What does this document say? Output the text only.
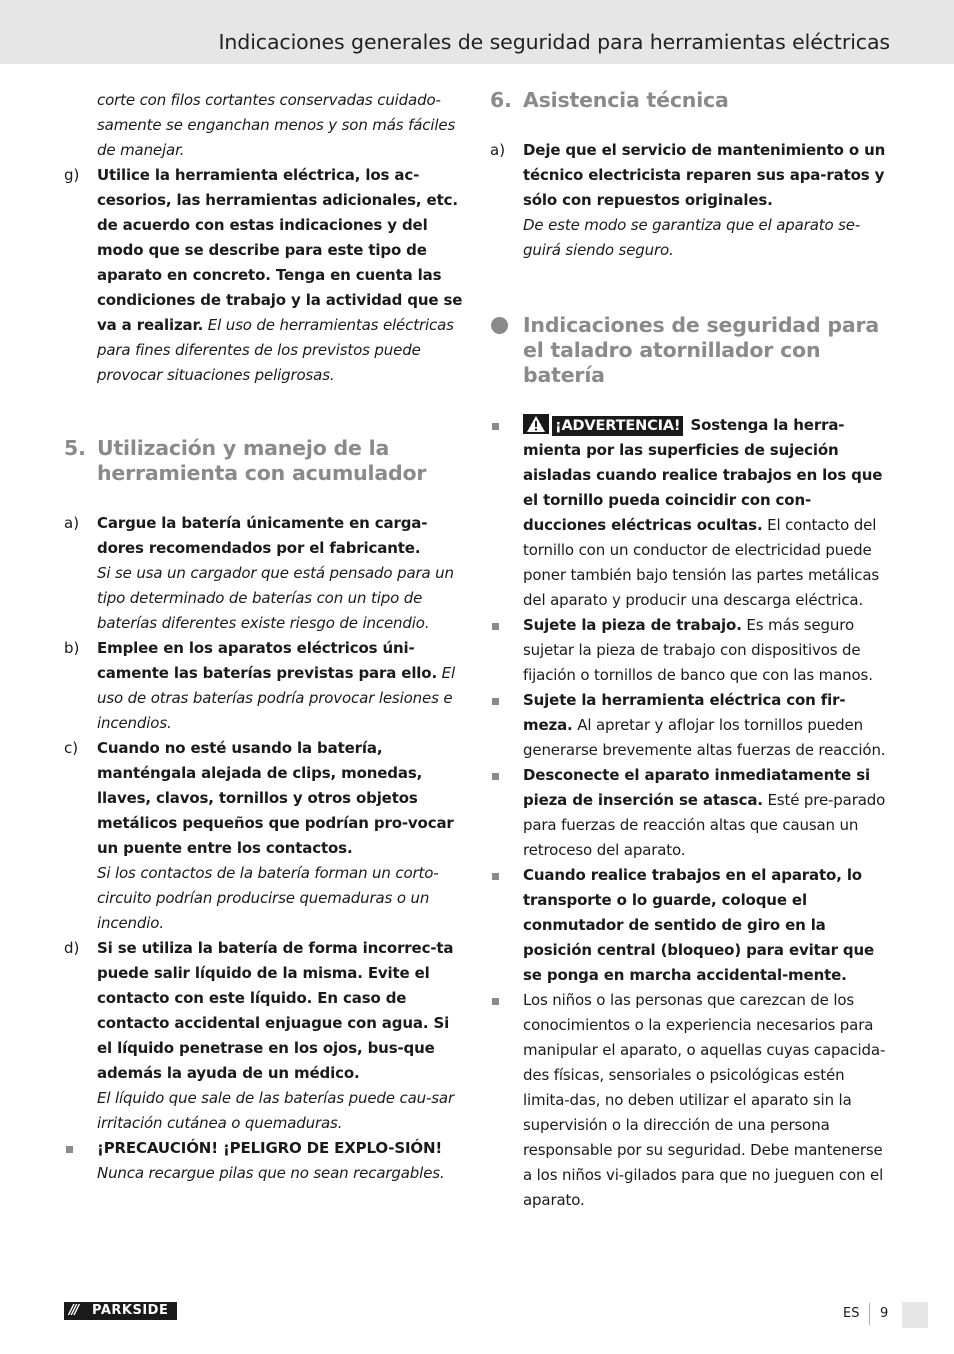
Indicaciones generales de seguridad para herramientas eléctricas

corte con filos cortantes conservadas cuidado-samente se enganchan menos y son más fáciles de manejar.

g) Utilice la herramienta eléctrica, los ac-cesorios, las herramientas adicionales, etc. de acuerdo con estas indicaciones y del modo que se describe para este tipo de aparato en concreto. Tenga en cuenta las condiciones de trabajo y la actividad que se va a realizar. El uso de herramientas eléctricas para fines diferentes de los previstos puede provocar situaciones peligrosas.

5. Utilización y manejo de la herramienta con acumulador
a) Cargue la batería únicamente en carga-dores recomendados por el fabricante.

Si se usa un cargador que está pensado para un tipo determinado de baterías con un tipo de baterías diferentes existe riesgo de incendio.

b) Emplee en los aparatos eléctricos úni-camente las baterías previstas para ello. El uso de otras baterías podría provocar lesiones e incendios.

c) Cuando no esté usando la batería, manténgala alejada de clips, monedas, llaves, clavos, tornillos y otros objetos metálicos pequeños que podrían pro-vocar un puente entre los contactos.

Si los contactos de la batería forman un corto-circuito podrían producirse quemaduras o un incendio.

d) Si se utiliza la batería de forma incorrec-ta puede salir líquido de la misma. Evite el contacto con este líquido. En caso de contacto accidental enjuague con agua. Si el líquido penetrase en los ojos, bus-que además la ayuda de un médico.

El líquido que sale de las baterías puede cau-sar irritación cutánea o quemaduras.

¡PRECAUCIÓN! ¡PELIGRO DE EXPLO-SIÓN! Nunca recargue pilas que no sean recargables.

6. Asistencia técnica
a) Deje que el servicio de mantenimiento o un técnico electricista reparen sus apa-ratos y sólo con repuestos originales.

De este modo se garantiza que el aparato se-guirá siendo seguro.

Indicaciones de seguridad para el taladro atornillador con batería

¡ADVERTENCIA! Sostenga la herra-mienta por las superficies de sujeción aisladas cuando realice trabajos en los que el tornillo pueda coincidir con con-ducciones eléctricas ocultas. El contacto del tornillo con un conductor de electricidad puede poner también bajo tensión las partes metálicas del aparato y producir una descarga eléctrica.

Sujete la pieza de trabajo. Es más seguro sujetar la pieza de trabajo con dispositivos de fijación o tornillos de banco que con las manos.

Sujete la herramienta eléctrica con fir-meza. Al apretar y aflojar los tornillos pueden generarse brevemente altas fuerzas de reacción.

Desconecte el aparato inmediatamente si pieza de inserción se atasca. Esté pre-parado para fuerzas de reacción altas que causan un retroceso del aparato.

Cuando realice trabajos en el aparato, lo transporte o lo guarde, coloque el conmutador de sentido de giro en la posición central (bloqueo) para evitar que se ponga en marcha accidental-mente.

Los niños o las personas que carezcan de los conocimientos o la experiencia necesarios para manipular el aparato, o aquellas cuyas capacida-des físicas, sensoriales o psicológicas estén limita-das, no deben utilizar el aparato sin la supervisión o la dirección de una persona responsable por su seguridad. Debe mantenerse a los niños vi-gilados para que no jueguen con el aparato.

/// PARKSIDE	ES 9
